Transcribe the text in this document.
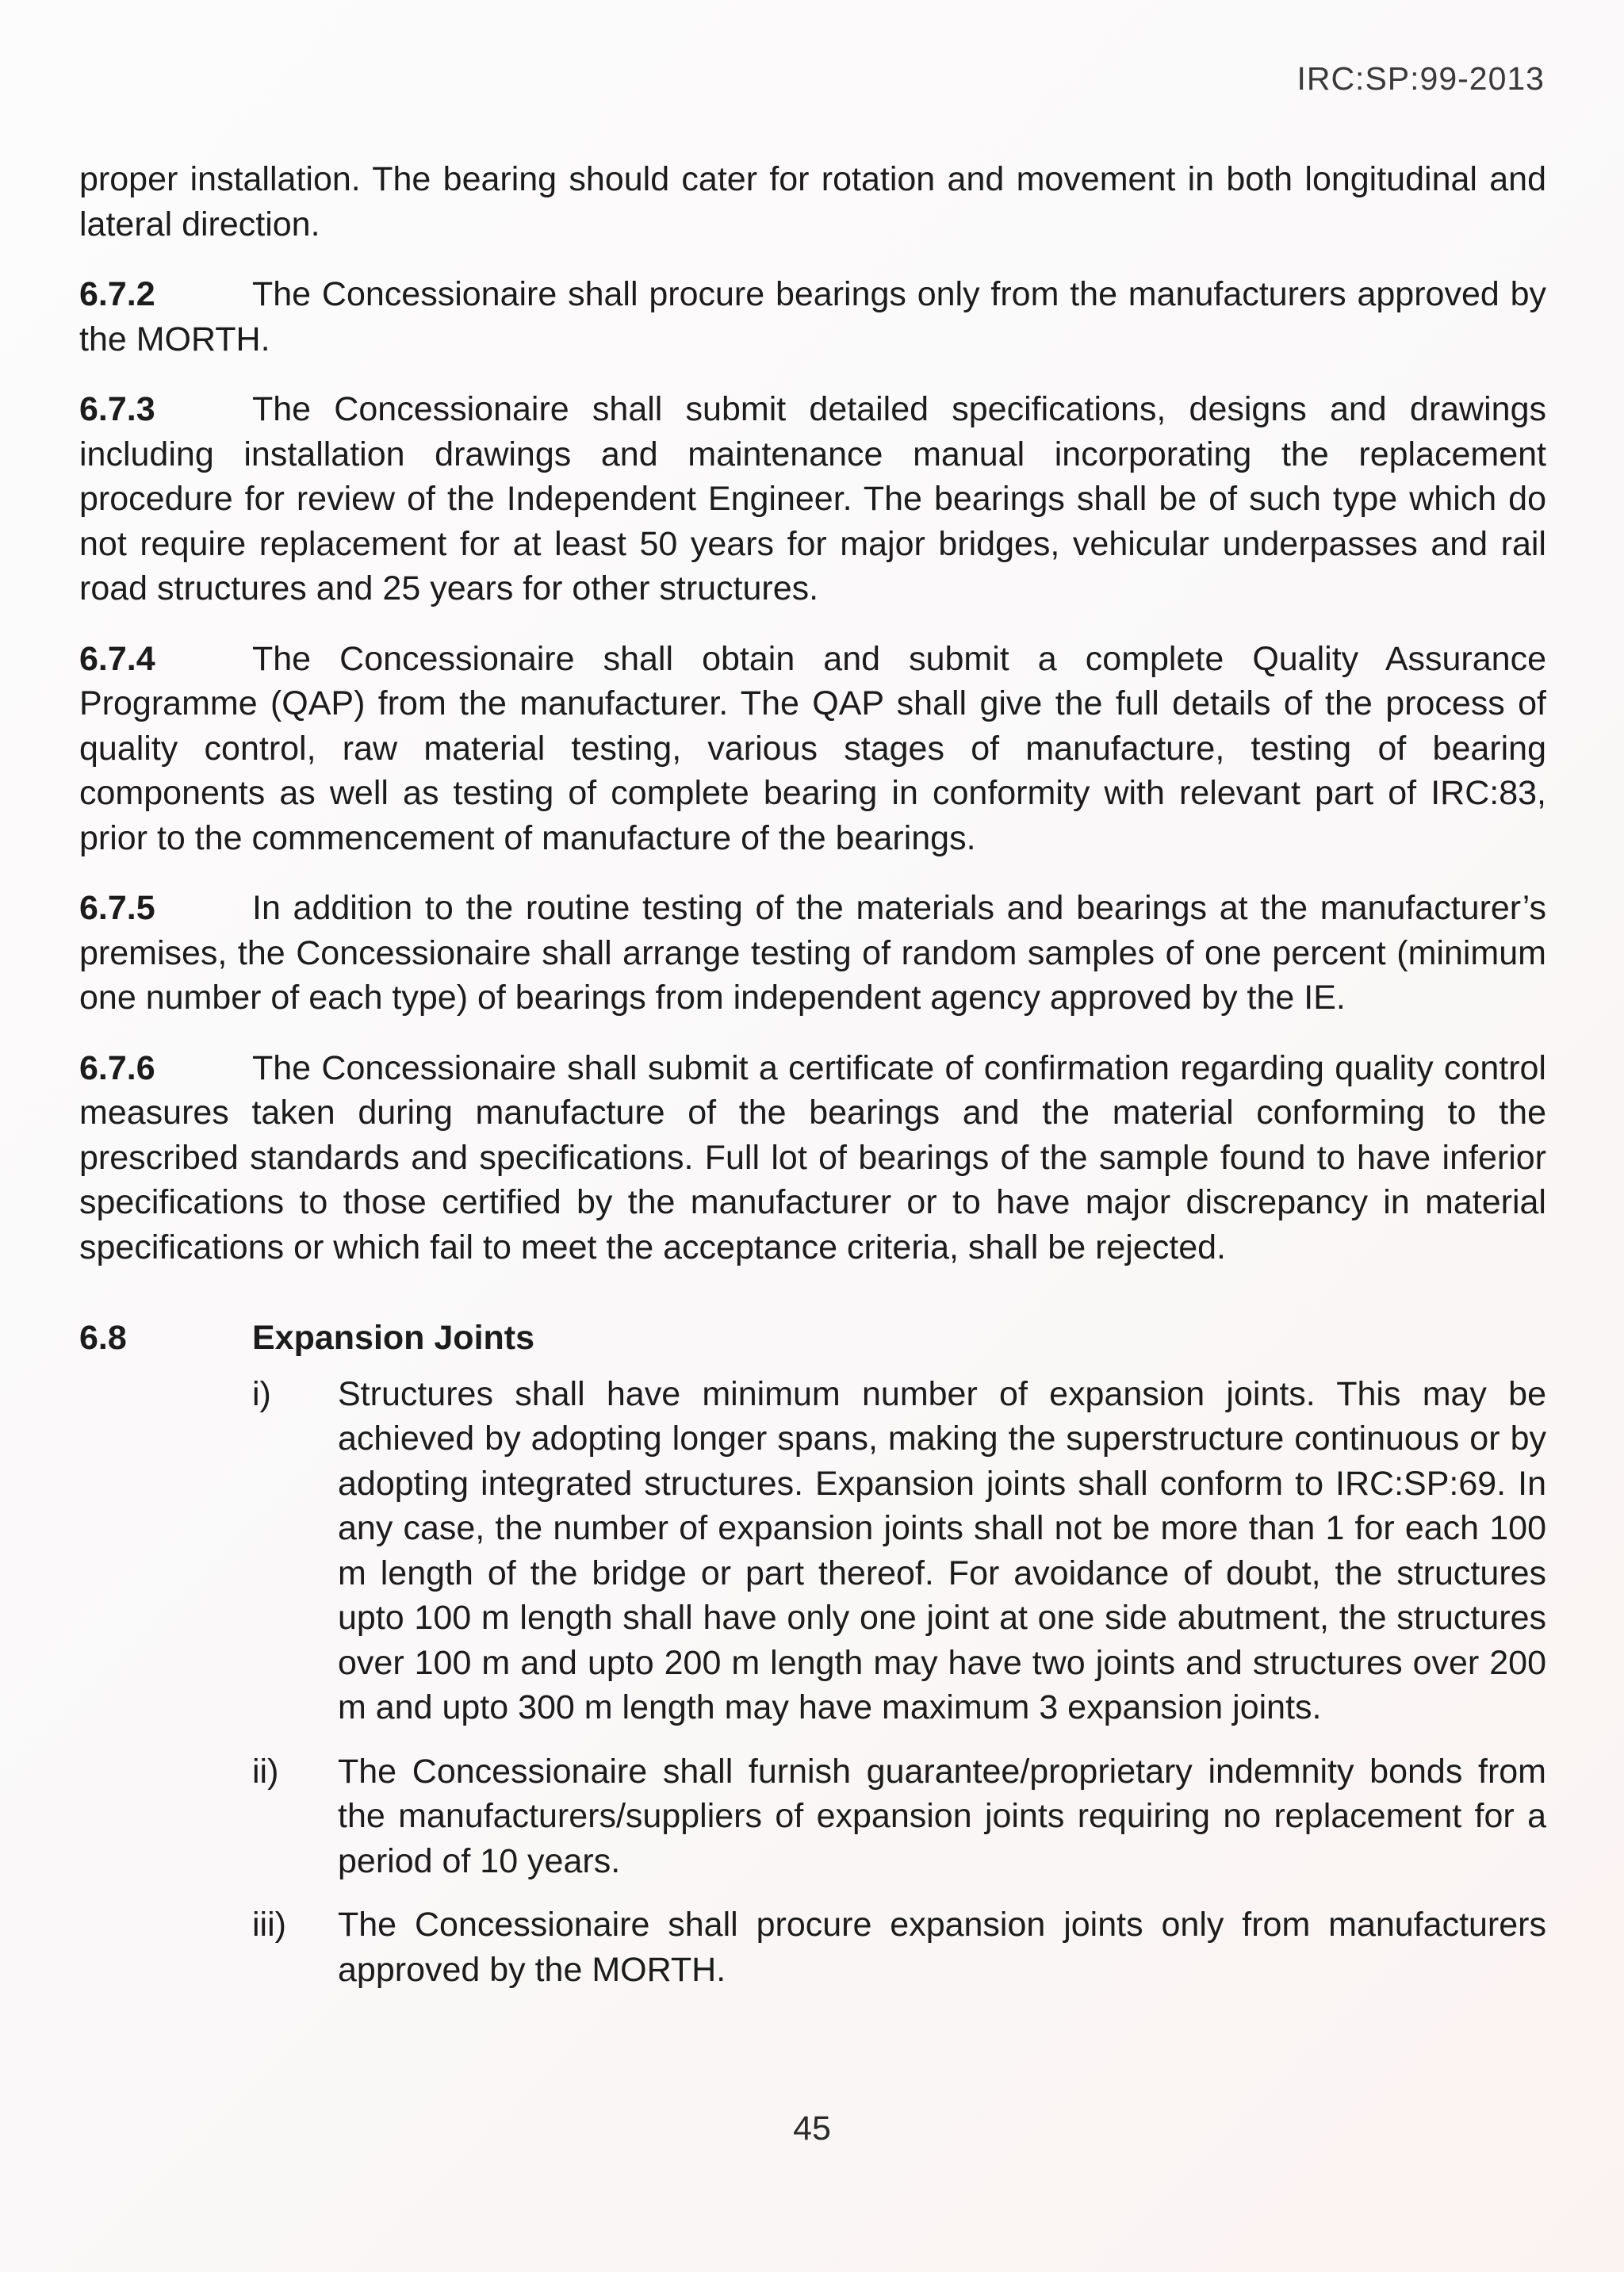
IRC:SP:99-2013

proper installation. The bearing should cater for rotation and movement in both longitudinal and lateral direction.

6.7.2	The Concessionaire shall procure bearings only from the manufacturers approved by the MORTH.

6.7.3	The Concessionaire shall submit detailed specifications, designs and drawings including installation drawings and maintenance manual incorporating the replacement procedure for review of the Independent Engineer. The bearings shall be of such type which do not require replacement for at least 50 years for major bridges, vehicular underpasses and rail road structures and 25 years for other structures.

6.7.4	The Concessionaire shall obtain and submit a complete Quality Assurance Programme (QAP) from the manufacturer. The QAP shall give the full details of the process of quality control, raw material testing, various stages of manufacture, testing of bearing components as well as testing of complete bearing in conformity with relevant part of IRC:83, prior to the commencement of manufacture of the bearings.

6.7.5	In addition to the routine testing of the materials and bearings at the manufacturer’s premises, the Concessionaire shall arrange testing of random samples of one percent (minimum one number of each type) of bearings from independent agency approved by the IE.

6.7.6	The Concessionaire shall submit a certificate of confirmation regarding quality control measures taken during manufacture of the bearings and the material conforming to the prescribed standards and specifications. Full lot of bearings of the sample found to have inferior specifications to those certified by the manufacturer or to have major discrepancy in material specifications or which fail to meet the acceptance criteria, shall be rejected.

6.8	Expansion Joints
i)	Structures shall have minimum number of expansion joints. This may be achieved by adopting longer spans, making the superstructure continuous or by adopting integrated structures. Expansion joints shall conform to IRC:SP:69. In any case, the number of expansion joints shall not be more than 1 for each 100 m length of the bridge or part thereof. For avoidance of doubt, the structures upto 100 m length shall have only one joint at one side abutment, the structures over 100 m and upto 200 m length may have two joints and structures over 200 m and upto 300 m length may have maximum 3 expansion joints.
ii)	The Concessionaire shall furnish guarantee/proprietary indemnity bonds from the manufacturers/suppliers of expansion joints requiring no replacement for a period of 10 years.
iii)	The Concessionaire shall procure expansion joints only from manufacturers approved by the MORTH.
45
